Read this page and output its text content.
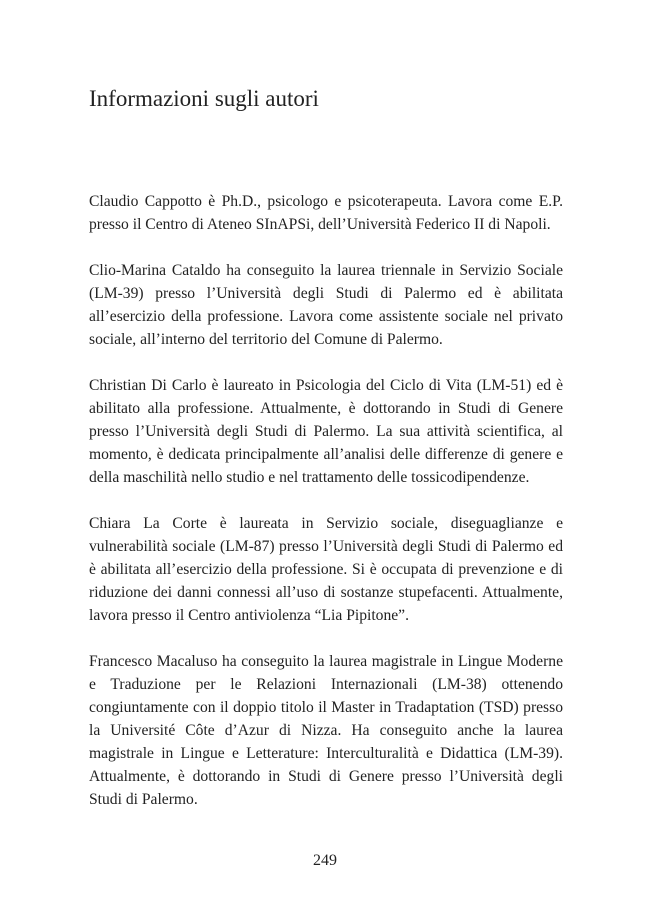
Informazioni sugli autori

Claudio Cappotto è Ph.D., psicologo e psicoterapeuta. Lavora come E.P. presso il Centro di Ateneo SInAPSi, dell’Università Federico II di Napoli.

Clio-Marina Cataldo ha conseguito la laurea triennale in Servizio Sociale (LM-39) presso l’Università degli Studi di Palermo ed è abilitata all’esercizio della professione. Lavora come assistente sociale nel privato sociale, all’interno del territorio del Comune di Palermo.

Christian Di Carlo è laureato in Psicologia del Ciclo di Vita (LM-51) ed è abilitato alla professione. Attualmente, è dottorando in Studi di Genere presso l’Università degli Studi di Palermo. La sua attività scientifica, al momento, è dedicata principalmente all’analisi delle differenze di genere e della maschilità nello studio e nel trattamento delle tossicodipendenze.

Chiara La Corte è laureata in Servizio sociale, diseguaglianze e vulnerabilità sociale (LM-87) presso l’Università degli Studi di Palermo ed è abilitata all’esercizio della professione. Si è occupata di prevenzione e di riduzione dei danni connessi all’uso di sostanze stupefacenti. Attualmente, lavora presso il Centro antiviolenza “Lia Pipitone”.

Francesco Macaluso ha conseguito la laurea magistrale in Lingue Moderne e Traduzione per le Relazioni Internazionali (LM-38) ottenendo congiuntamente con il doppio titolo il Master in Tradaptation (TSD) presso la Université Côte d’Azur di Nizza. Ha conseguito anche la laurea magistrale in Lingue e Letterature: Interculturalità e Didattica (LM-39). Attualmente, è dottorando in Studi di Genere presso l’Università degli Studi di Palermo.

249
